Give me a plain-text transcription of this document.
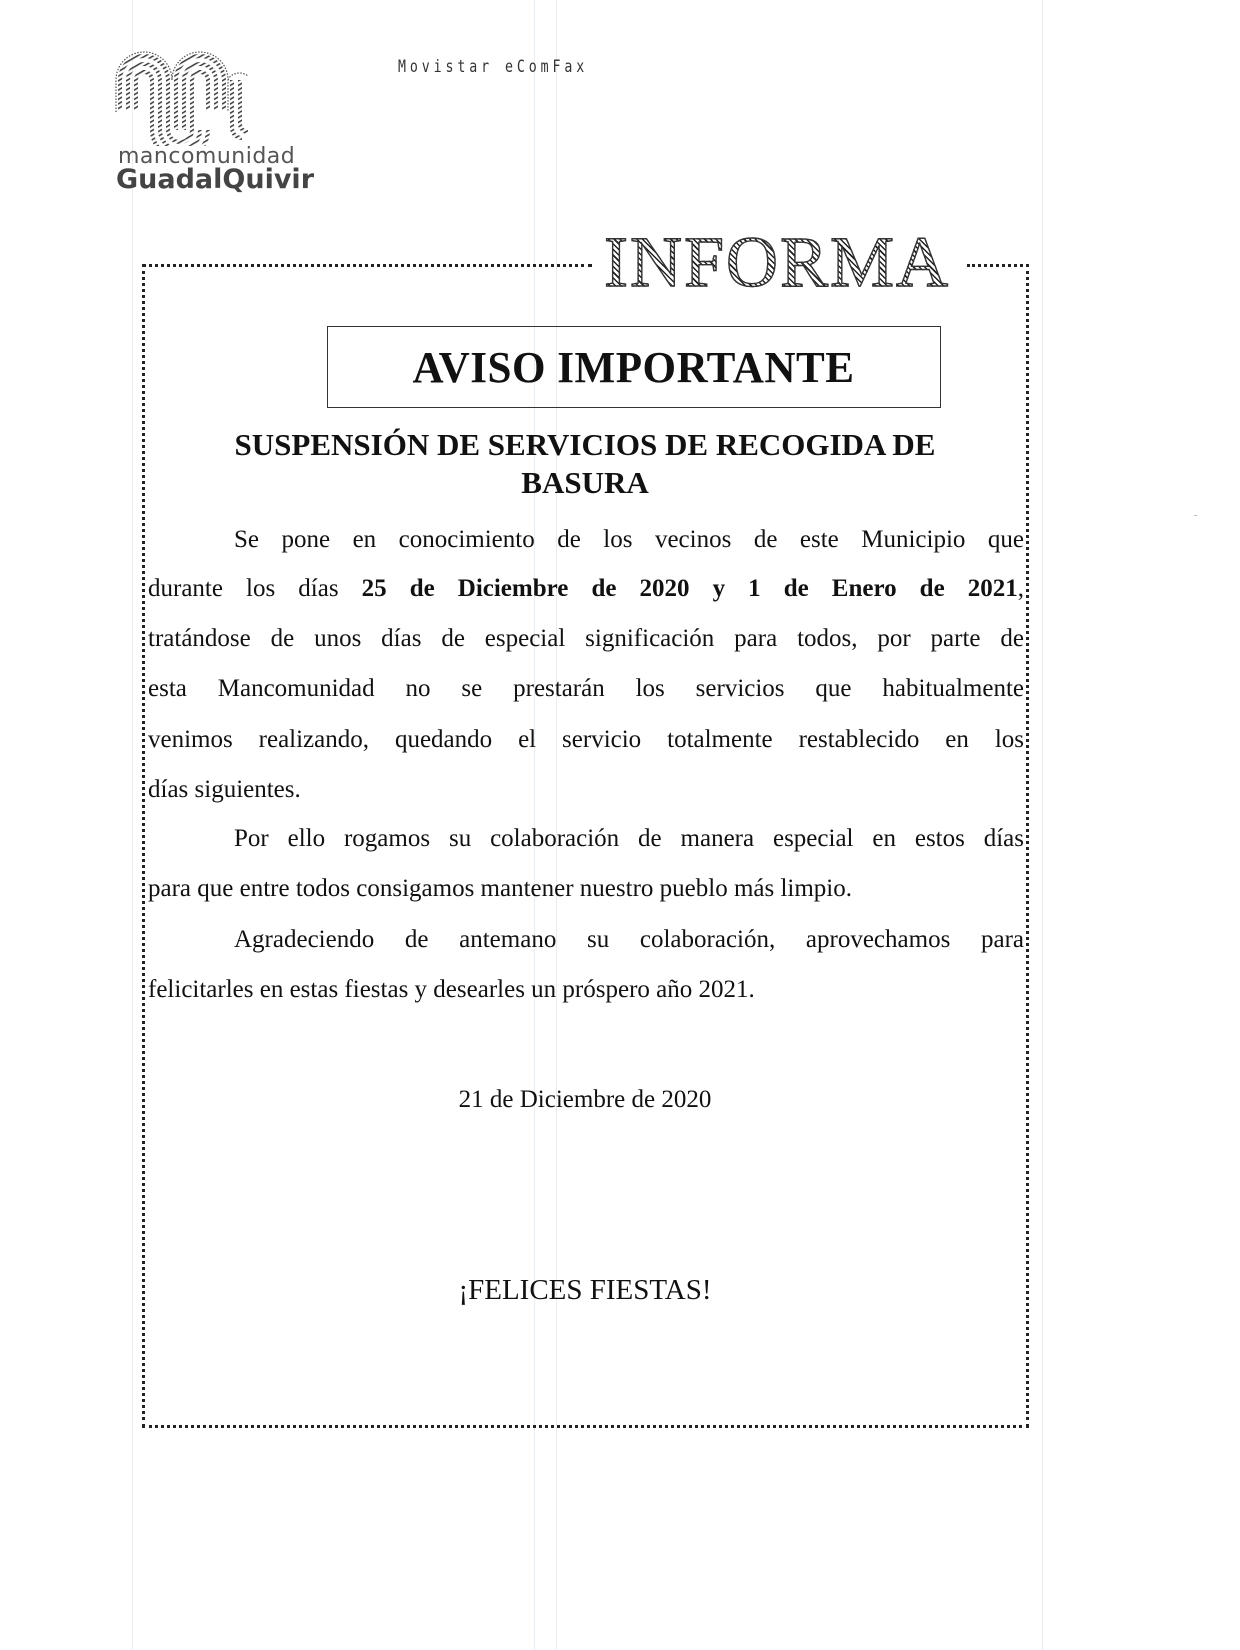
mancomunidad
GuadalQuivir
Movistar eComFax
INFORMA
AVISO IMPORTANTE
SUSPENSIÓN DE SERVICIOS DE RECOGIDA DE
BASURA
Se pone en conocimiento de los vecinos de este Municipio que
durante los días 25 de Diciembre de 2020 y 1 de Enero de 2021,
tratándose de unos días de especial significación para todos, por parte de
esta Mancomunidad no se prestarán los servicios que habitualmente
venimos realizando, quedando el servicio totalmente restablecido en los
días siguientes.
Por ello rogamos su colaboración de manera especial en estos días
para que entre todos consigamos mantener nuestro pueblo más limpio.
Agradeciendo de antemano su colaboración, aprovechamos para
felicitarles en estas fiestas y desearles un próspero año 2021.
21 de Diciembre de 2020
¡FELICES FIESTAS!
